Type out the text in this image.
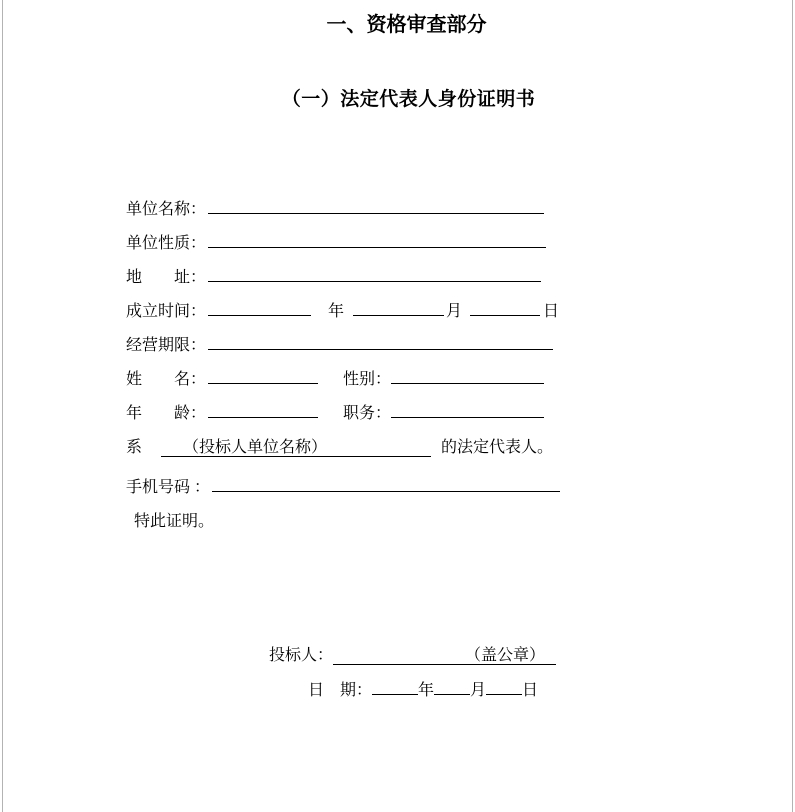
一、资格审查部分
（一）法定代表人身份证明书
单位名称：
单位性质：
地　　址：
成立时间：	年	月	日
经营期限：
姓　　名：	性别：
年　　龄：	职务：
系	（投标人单位名称）	的法定代表人。
手机号码 ：
特此证明。
投标人：	（盖公章）
日　期：	年 月 日
